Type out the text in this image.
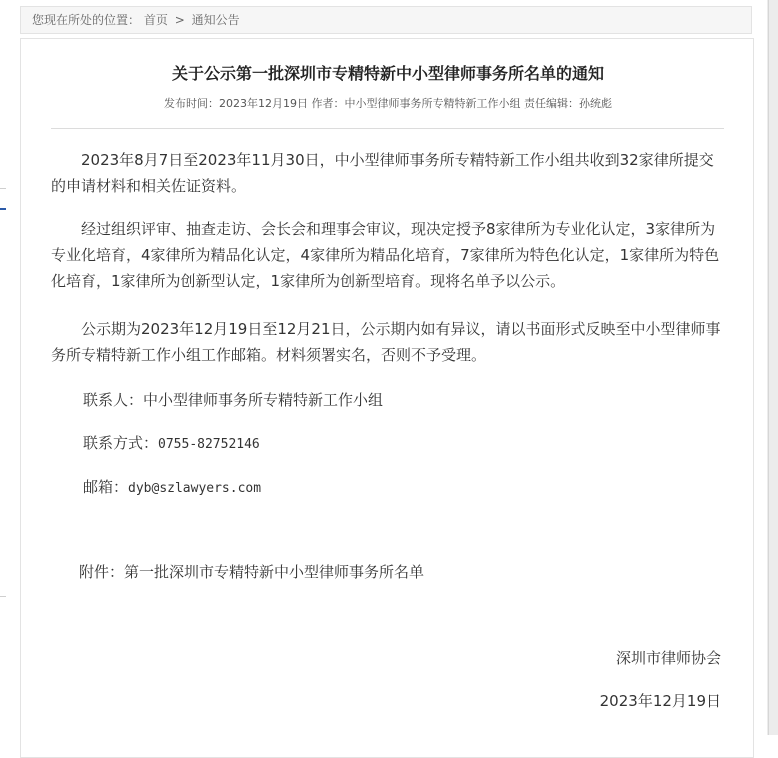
您现在所处的位置： 首页 > 通知公告
关于公示第一批深圳市专精特新中小型律师事务所名单的通知
发布时间：2023年12月19日 作者：中小型律师事务所专精特新工作小组 责任编辑：孙统彪
2023年8月7日至2023年11月30日，中小型律师事务所专精特新工作小组共收到32家律所提交的申请材料和相关佐证资料。
经过组织评审、抽查走访、会长会和理事会审议，现决定授予8家律所为专业化认定，3家律所为专业化培育，4家律所为精品化认定，4家律所为精品化培育，7家律所为特色化认定，1家律所为特色化培育，1家律所为创新型认定，1家律所为创新型培育。现将名单予以公示。
公示期为2023年12月19日至12月21日，公示期内如有异议，请以书面形式反映至中小型律师事务所专精特新工作小组工作邮箱。材料须署实名，否则不予受理。
联系人：中小型律师事务所专精特新工作小组
联系方式：0755-82752146
邮箱：dyb@szlawyers.com
附件：第一批深圳市专精特新中小型律师事务所名单
深圳市律师协会
2023年12月19日
